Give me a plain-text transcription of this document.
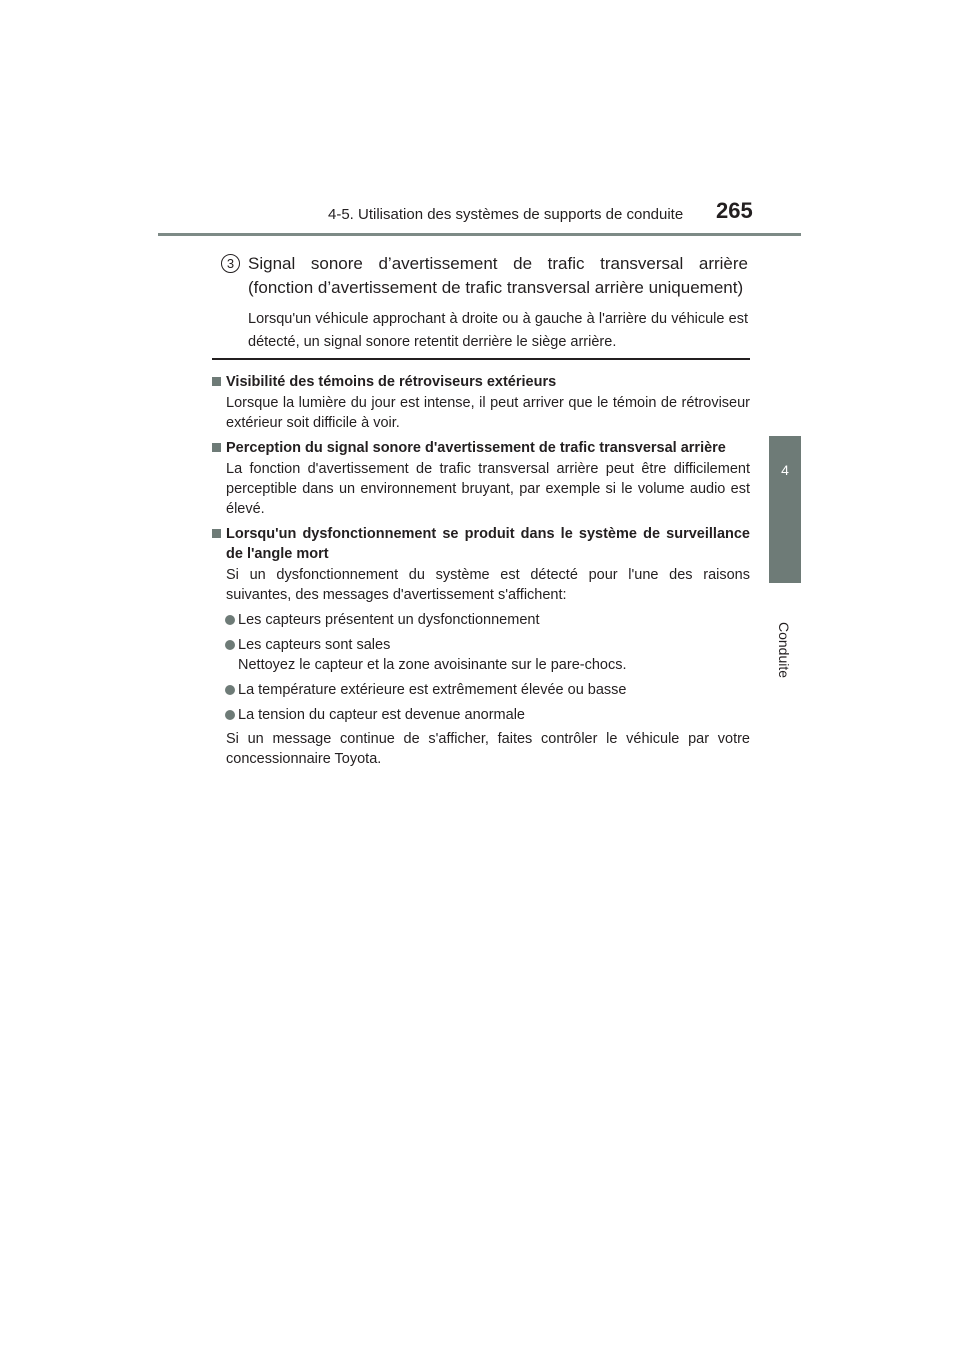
4-5. Utilisation des systèmes de supports de conduite 265
4
Conduite
3 Signal sonore d’avertissement de trafic transversal arrière (fonction d’avertissement de trafic transversal arrière uniquement)
Lorsqu'un véhicule approchant à droite ou à gauche à l'arrière du véhicule est détecté, un signal sonore retentit derrière le siège arrière.
Visibilité des témoins de rétroviseurs extérieurs
Lorsque la lumière du jour est intense, il peut arriver que le témoin de rétroviseur extérieur soit difficile à voir.
Perception du signal sonore d'avertissement de trafic transversal arrière
La fonction d'avertissement de trafic transversal arrière peut être difficilement perceptible dans un environnement bruyant, par exemple si le volume audio est élevé.
Lorsqu'un dysfonctionnement se produit dans le système de surveillance de l'angle mort
Si un dysfonctionnement du système est détecté pour l'une des raisons suivantes, des messages d'avertissement s'affichent:
Les capteurs présentent un dysfonctionnement
Les capteurs sont sales
Nettoyez le capteur et la zone avoisinante sur le pare-chocs.
La température extérieure est extrêmement élevée ou basse
La tension du capteur est devenue anormale
Si un message continue de s'afficher, faites contrôler le véhicule par votre concessionnaire Toyota.
